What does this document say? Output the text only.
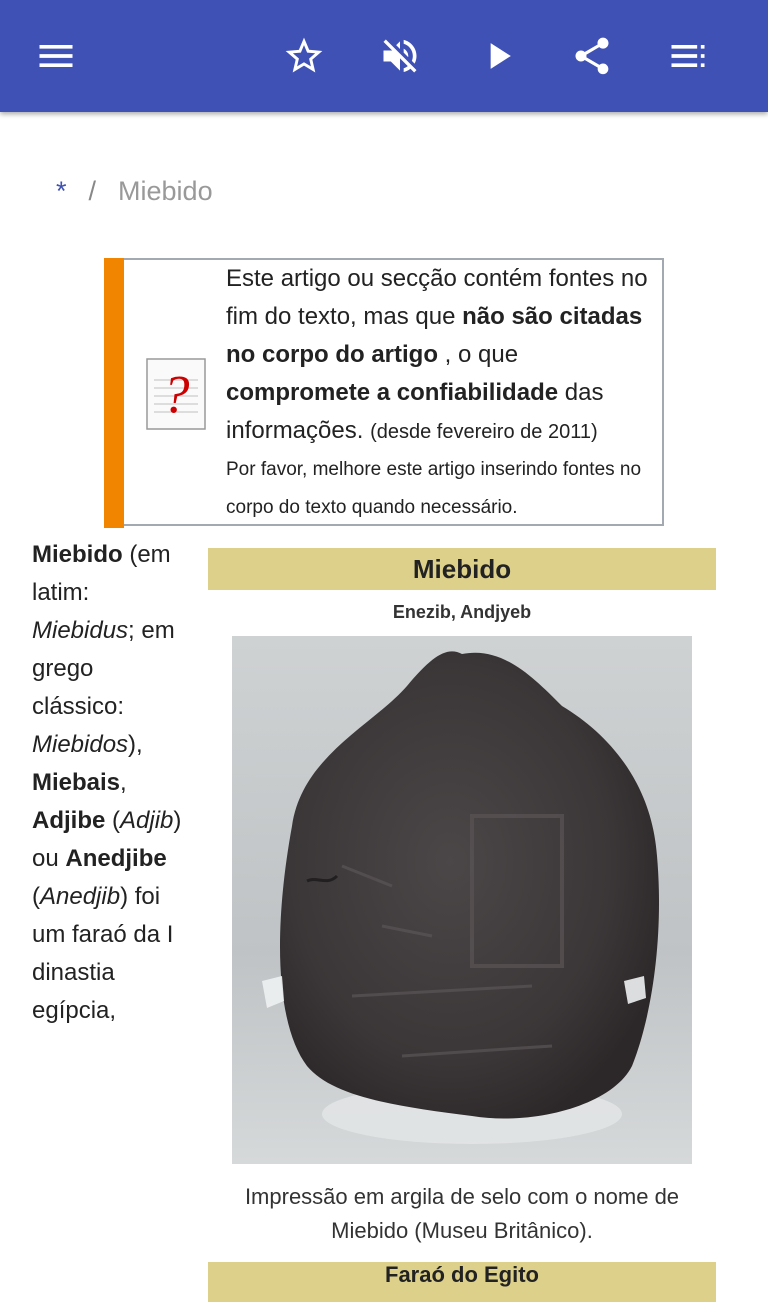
* / Miebido
?
Este artigo ou secção contém fontes no fim do texto, mas que não são citadas no corpo do artigo , o que compromete a confiabilidade das informações. (desde fevereiro de 2011)
Por favor, melhore este artigo inserindo fontes no corpo do texto quando necessário.
Miebido (em latim: Miebidus; em grego clássico: Miebidos), Miebais, Adjibe (Adjib) ou Anedjibe (Anedjib) foi um faraó da I dinastia egípcia,
Miebido
Enezib, Andjyeb
Impressão em argila de selo com o nome de Miebido (Museu Britânico).
Faraó do Egito
